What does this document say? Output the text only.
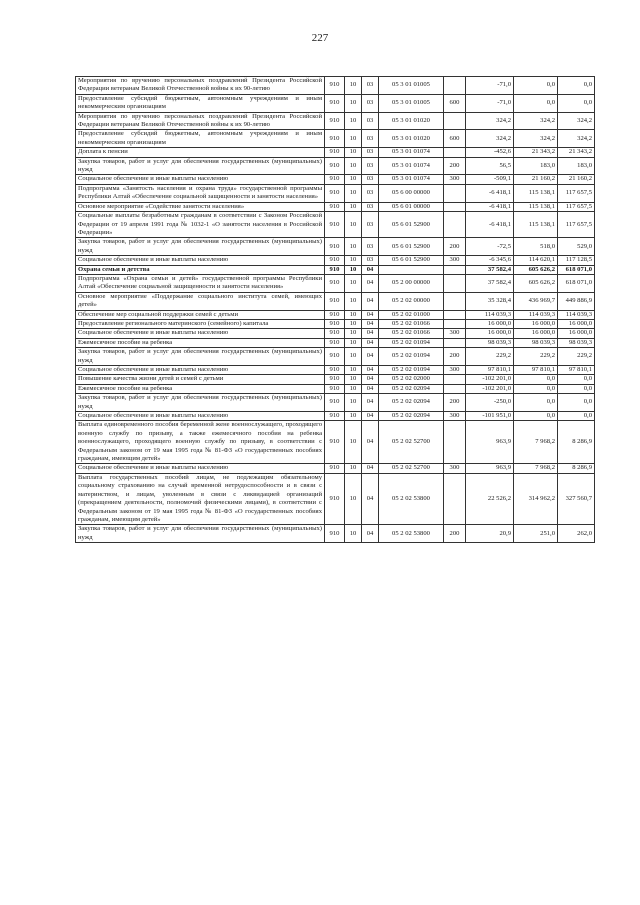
227
Мероприятия по вручению персональных поздравлений Президента Российской Федерации ветеранам Великой Отечественной войны к их 90-летию	910	10	03	05 3 01 01005		-71,0	0,0	0,0
Предоставление субсидий бюджетным, автономным учреждениям и иным некоммерческим организациям	910	10	03	05 3 01 01005	600	-71,0	0,0	0,0
Мероприятия по вручению персональных поздравлений Президента Российской Федерации ветеранам Великой Отечественной войны к их 90-летию	910	10	03	05 3 01 01020		324,2	324,2	324,2
Предоставление субсидий бюджетным, автономным учреждениям и иным некоммерческим организациям	910	10	03	05 3 01 01020	600	324,2	324,2	324,2
Доплата к пенсии	910	10	03	05 3 01 01074		-452,6	21 343,2	21 343,2
Закупка товаров, работ и услуг для обеспечения государственных (муниципальных) нужд	910	10	03	05 3 01 01074	200	56,5	183,0	183,0
Социальное обеспечение и иные выплаты населению	910	10	03	05 3 01 01074	300	-509,1	21 160,2	21 160,2
Подпрограмма «Занятость населения и охрана труда» государственной программы Республики Алтай «Обеспечение социальной защищенности и занятости населения»	910	10	03	05 6 00 00000		-6 418,1	115 138,1	117 657,5
Основное мероприятие «Содействие занятости населения»	910	10	03	05 6 01 00000		-6 418,1	115 138,1	117 657,5
Социальные выплаты безработным гражданам в соответствии с Законом Российской Федерации от 19 апреля 1991 года № 1032-1 «О занятости населения в Российской Федерации»	910	10	03	05 6 01 52900		-6 418,1	115 138,1	117 657,5
Закупка товаров, работ и услуг для обеспечения государственных (муниципальных) нужд	910	10	03	05 6 01 52900	200	-72,5	518,0	529,0
Социальное обеспечение и иные выплаты населению	910	10	03	05 6 01 52900	300	-6 345,6	114 620,1	117 128,5
Охрана семьи и детства	910	10	04			37 582,4	605 626,2	618 071,0
Подпрограмма «Охрана семьи и детей» государственной программы Республики Алтай «Обеспечение социальной защищенности и занятости населения»	910	10	04	05 2 00 00000		37 582,4	605 626,2	618 071,0
Основное мероприятие «Поддержание социального института семей, имеющих детей»	910	10	04	05 2 02 00000		35 328,4	436 969,7	449 886,9
Обеспечение мер социальной поддержки семей с детьми	910	10	04	05 2 02 01000		114 039,3	114 039,3	114 039,3
Предоставление регионального материнского (семейного) капитала	910	10	04	05 2 02 01066		16 000,0	16 000,0	16 000,0
Социальное обеспечение и иные выплаты населению	910	10	04	05 2 02 01066	300	16 000,0	16 000,0	16 000,0
Ежемесячное пособие на ребенка	910	10	04	05 2 02 01094		98 039,3	98 039,3	98 039,3
Закупка товаров, работ и услуг для обеспечения государственных (муниципальных) нужд	910	10	04	05 2 02 01094	200	229,2	229,2	229,2
Социальное обеспечение и иные выплаты населению	910	10	04	05 2 02 01094	300	97 810,1	97 810,1	97 810,1
Повышение качества жизни детей и семей с детьми	910	10	04	05 2 02 02000		-102 201,0	0,0	0,0
Ежемесячное пособие на ребенка	910	10	04	05 2 02 02094		-102 201,0	0,0	0,0
Закупка товаров, работ и услуг для обеспечения государственных (муниципальных) нужд	910	10	04	05 2 02 02094	200	-250,0	0,0	0,0
Социальное обеспечение и иные выплаты населению	910	10	04	05 2 02 02094	300	-101 951,0	0,0	0,0
Выплата единовременного пособия беременной жене военнослужащего, проходящего военную службу по призыву, а также ежемесячного пособия на ребенка военнослужащего, проходящего военную службу по призыву, в соответствии с Федеральным законом от 19 мая 1995 года № 81-ФЗ «О государственных пособиях гражданам, имеющим детей»	910	10	04	05 2 02 52700		963,9	7 968,2	8 286,9
Социальное обеспечение и иные выплаты населению	910	10	04	05 2 02 52700	300	963,9	7 968,2	8 286,9
Выплата государственных пособий лицам, не подлежащим обязательному социальному страхованию на случай временной нетрудоспособности и в связи с материнством, и лицам, уволенным в связи с ликвидацией организаций (прекращением деятельности, полномочий физическими лицами), в соответствии с Федеральным законом от 19 мая 1995 года № 81-ФЗ «О государственных пособиях гражданам, имеющим детей»	910	10	04	05 2 02 53800		22 526,2	314 962,2	327 560,7
Закупка товаров, работ и услуг для обеспечения государственных (муниципальных) нужд	910	10	04	05 2 02 53800	200	20,9	251,0	262,0
